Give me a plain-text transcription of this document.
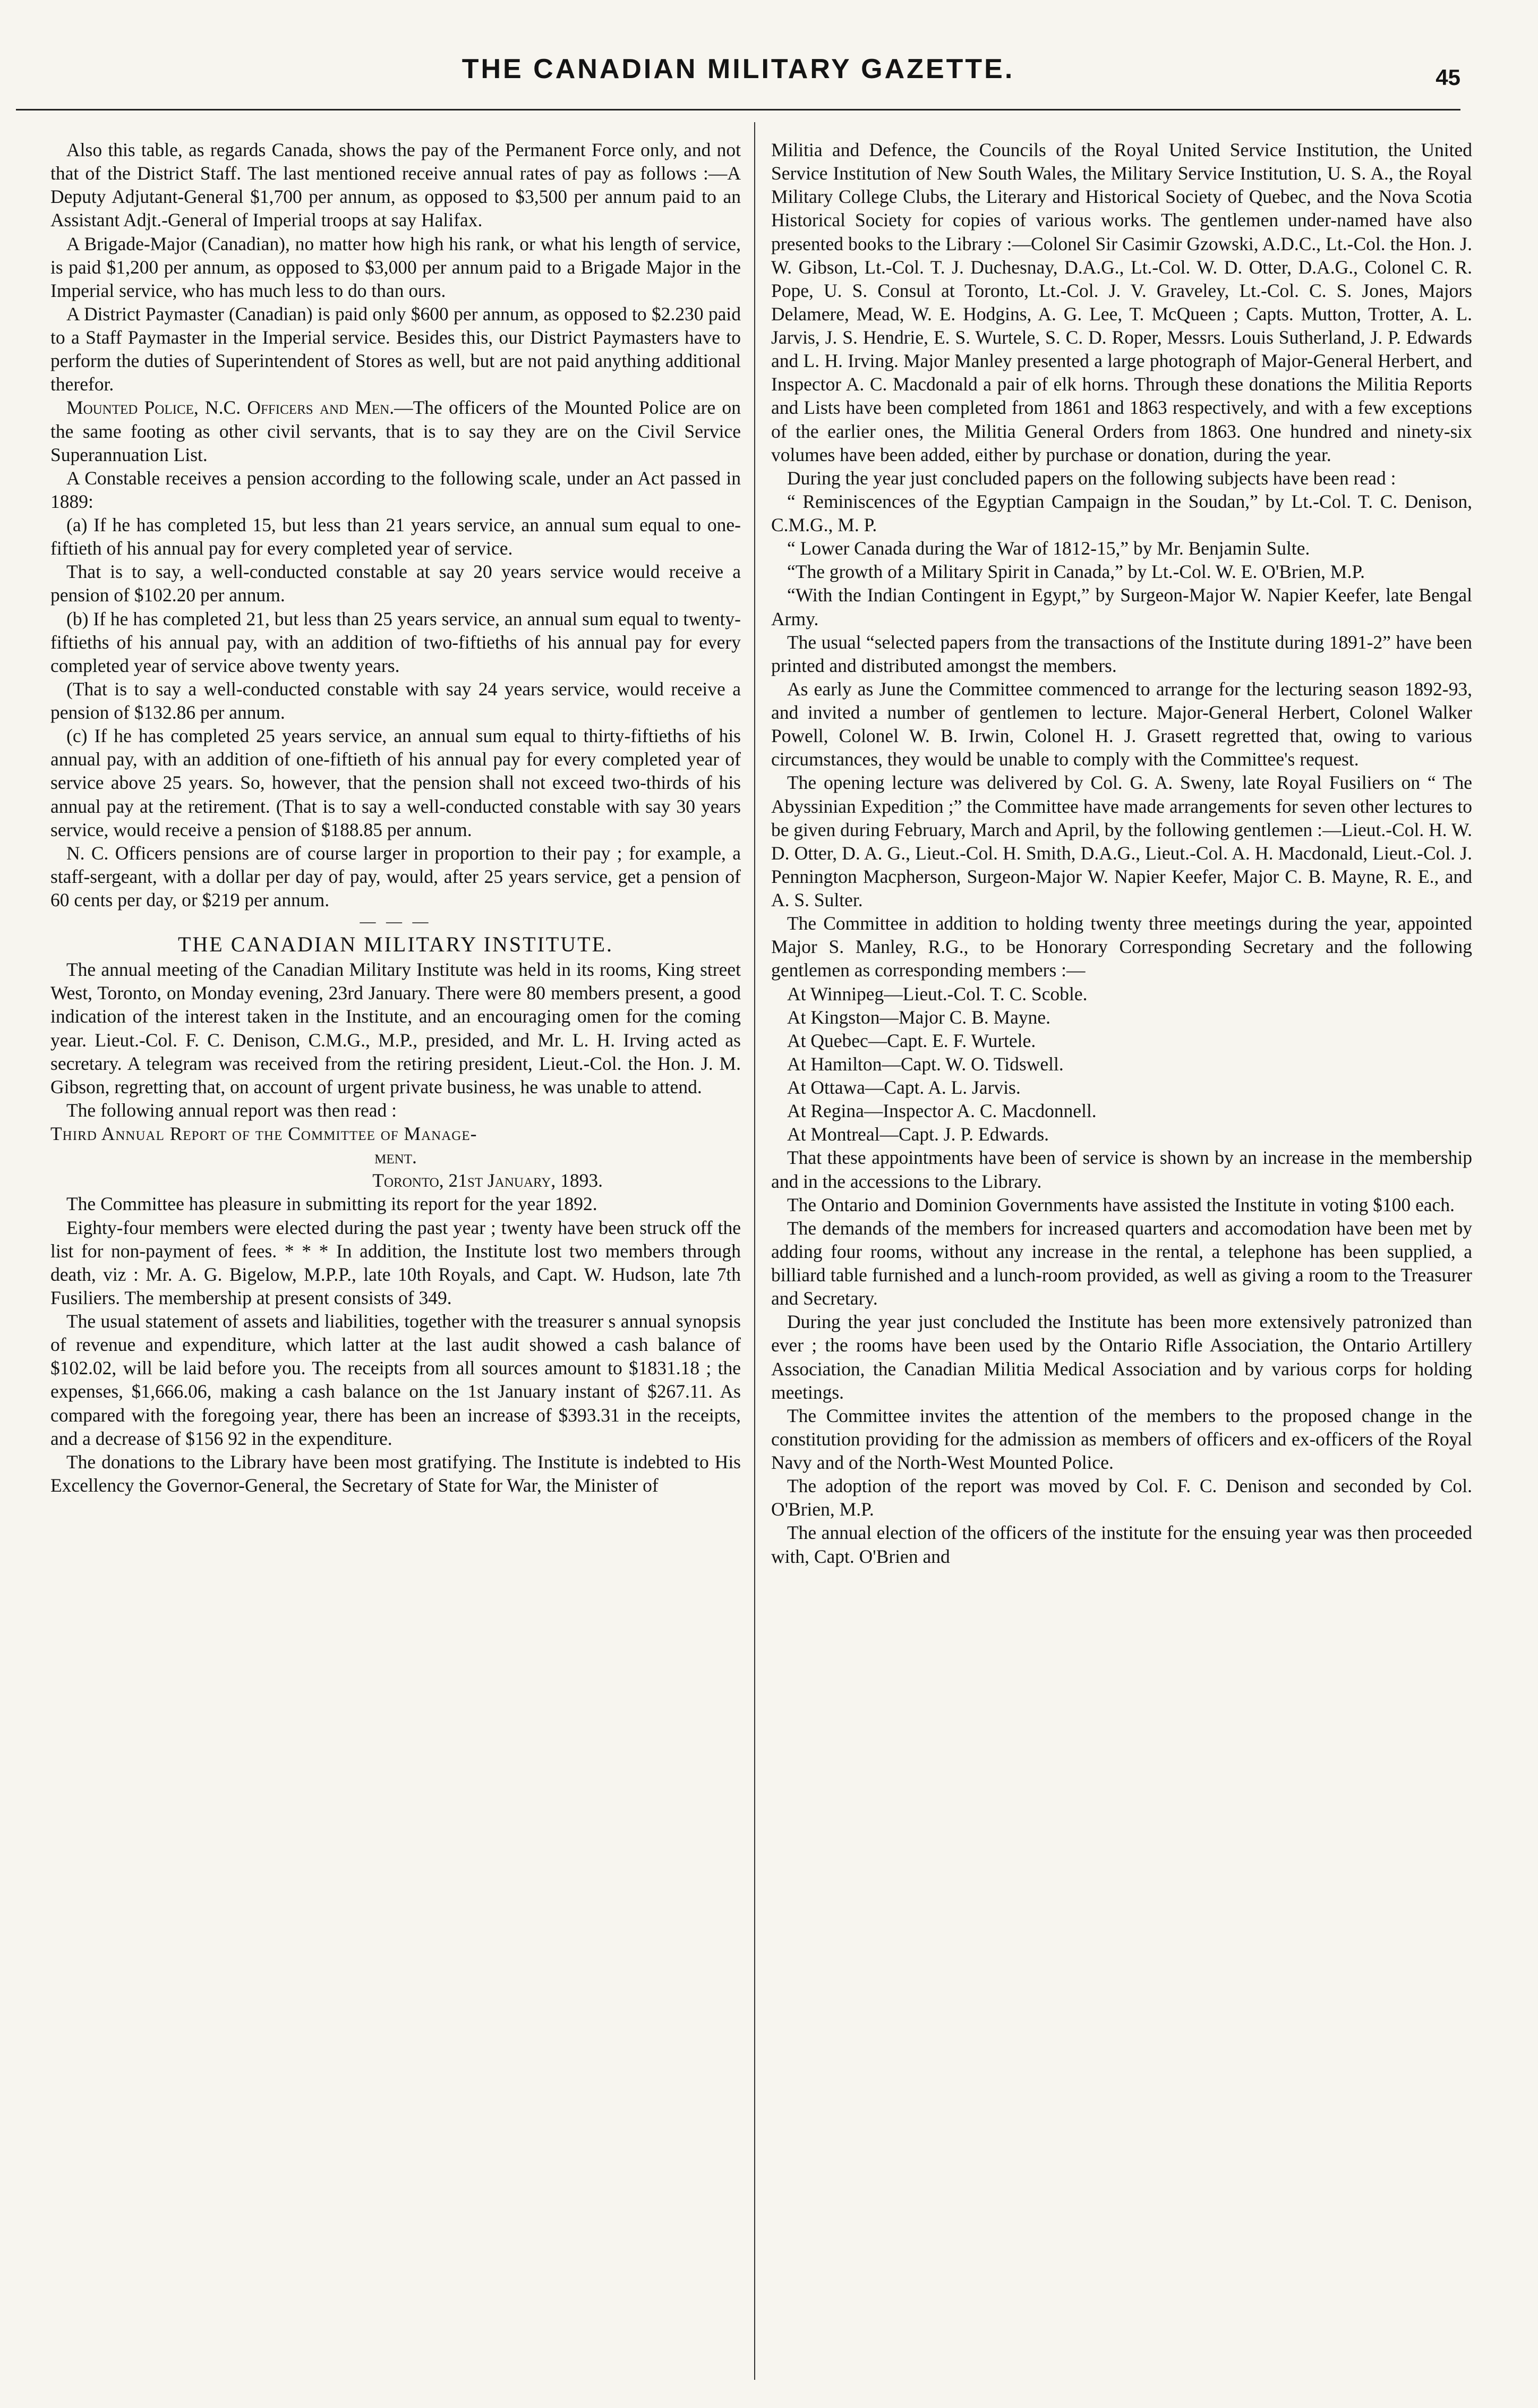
THE CANADIAN MILITARY GAZETTE.	45

Also this table, as regards Canada, shows the pay of the Permanent Force only, and not that of the District Staff. The last mentioned receive annual rates of pay as follows :—A Deputy Adjutant-General $1,700 per annum, as opposed to $3,500 per annum paid to an Assistant Adjt.-General of Imperial troops at say Halifax.

A Brigade-Major (Canadian), no matter how high his rank, or what his length of service, is paid $1,200 per annum, as opposed to $3,000 per annum paid to a Brigade Major in the Imperial service, who has much less to do than ours.

A District Paymaster (Canadian) is paid only $600 per annum, as opposed to $2.230 paid to a Staff Paymaster in the Imperial service. Besides this, our District Paymasters have to perform the duties of Superintendent of Stores as well, but are not paid anything additional therefor.

Mounted Police, N.C. Officers and Men.—The officers of the Mounted Police are on the same footing as other civil servants, that is to say they are on the Civil Service Superannuation List.

A Constable receives a pension according to the following scale, under an Act passed in 1889:

(a) If he has completed 15, but less than 21 years service, an annual sum equal to one-fiftieth of his annual pay for every completed year of service.

That is to say, a well-conducted constable at say 20 years service would receive a pension of $102.20 per annum.

(b) If he has completed 21, but less than 25 years service, an annual sum equal to twenty-fiftieths of his annual pay, with an addition of two-fiftieths of his annual pay for every completed year of service above twenty years.

(That is to say a well-conducted constable with say 24 years service, would receive a pension of $132.86 per annum.

(c) If he has completed 25 years service, an annual sum equal to thirty-fiftieths of his annual pay, with an addition of one-fiftieth of his annual pay for every completed year of service above 25 years. So, however, that the pension shall not exceed two-thirds of his annual pay at the retirement. (That is to say a well-conducted constable with say 30 years service, would receive a pension of $188.85 per annum.

N. C. Officers pensions are of course larger in proportion to their pay ; for example, a staff-sergeant, with a dollar per day of pay, would, after 25 years service, get a pension of 60 cents per day, or $219 per annum.

— — —

THE CANADIAN MILITARY INSTITUTE.

The annual meeting of the Canadian Military Institute was held in its rooms, King street West, Toronto, on Monday evening, 23rd January. There were 80 members present, a good indication of the interest taken in the Institute, and an encouraging omen for the coming year. Lieut.-Col. F. C. Denison, C.M.G., M.P., presided, and Mr. L. H. Irving acted as secretary. A telegram was received from the retiring president, Lieut.-Col. the Hon. J. M. Gibson, regretting that, on account of urgent private business, he was unable to attend.

The following annual report was then read :

Third Annual Report of the Committee of Manage-

ment.

Toronto, 21st January, 1893.

The Committee has pleasure in submitting its report for the year 1892.

Eighty-four members were elected during the past year ; twenty have been struck off the list for non-payment of fees. * * * In addition, the Institute lost two members through death, viz : Mr. A. G. Bigelow, M.P.P., late 10th Royals, and Capt. W. Hudson, late 7th Fusiliers. The membership at present consists of 349.

The usual statement of assets and liabilities, together with the treasurer s annual synopsis of revenue and expenditure, which latter at the last audit showed a cash balance of $102.02, will be laid before you. The receipts from all sources amount to $1831.18 ; the expenses, $1,666.06, making a cash balance on the 1st January instant of $267.11. As compared with the foregoing year, there has been an increase of $393.31 in the receipts, and a decrease of $156 92 in the expenditure.

The donations to the Library have been most gratifying. The Institute is indebted to His Excellency the Governor-General, the Secretary of State for War, the Minister of

Militia and Defence, the Councils of the Royal United Service Institution, the United Service Institution of New South Wales, the Military Service Institution, U. S. A., the Royal Military College Clubs, the Literary and Historical Society of Quebec, and the Nova Scotia Historical Society for copies of various works. The gentlemen under-named have also presented books to the Library :—Colonel Sir Casimir Gzowski, A.D.C., Lt.-Col. the Hon. J. W. Gibson, Lt.-Col. T. J. Duchesnay, D.A.G., Lt.-Col. W. D. Otter, D.A.G., Colonel C. R. Pope, U. S. Consul at Toronto, Lt.-Col. J. V. Graveley, Lt.-Col. C. S. Jones, Majors Delamere, Mead, W. E. Hodgins, A. G. Lee, T. McQueen ; Capts. Mutton, Trotter, A. L. Jarvis, J. S. Hendrie, E. S. Wurtele, S. C. D. Roper, Messrs. Louis Sutherland, J. P. Edwards and L. H. Irving. Major Manley presented a large photograph of Major-General Herbert, and Inspector A. C. Macdonald a pair of elk horns. Through these donations the Militia Reports and Lists have been completed from 1861 and 1863 respectively, and with a few exceptions of the earlier ones, the Militia General Orders from 1863. One hundred and ninety-six volumes have been added, either by purchase or donation, during the year.

During the year just concluded papers on the following subjects have been read :

“ Reminiscences of the Egyptian Campaign in the Soudan,” by Lt.-Col. T. C. Denison, C.M.G., M. P.

“ Lower Canada during the War of 1812-15,” by Mr. Benjamin Sulte.

“The growth of a Military Spirit in Canada,” by Lt.-Col. W. E. O'Brien, M.P.

“With the Indian Contingent in Egypt,” by Surgeon-Major W. Napier Keefer, late Bengal Army.

The usual “selected papers from the transactions of the Institute during 1891-2” have been printed and distributed amongst the members.

As early as June the Committee commenced to arrange for the lecturing season 1892-93, and invited a number of gentlemen to lecture. Major-General Herbert, Colonel Walker Powell, Colonel W. B. Irwin, Colonel H. J. Grasett regretted that, owing to various circumstances, they would be unable to comply with the Committee's request.

The opening lecture was delivered by Col. G. A. Sweny, late Royal Fusiliers on “ The Abyssinian Expedition ;” the Committee have made arrangements for seven other lectures to be given during February, March and April, by the following gentlemen :—Lieut.-Col. H. W. D. Otter, D. A. G., Lieut.-Col. H. Smith, D.A.G., Lieut.-Col. A. H. Macdonald, Lieut.-Col. J. Pennington Macpherson, Surgeon-Major W. Napier Keefer, Major C. B. Mayne, R. E., and A. S. Sulter.

The Committee in addition to holding twenty three meetings during the year, appointed Major S. Manley, R.G., to be Honorary Corresponding Secretary and the following gentlemen as corresponding members :—

At Winnipeg—Lieut.-Col. T. C. Scoble.

At Kingston—Major C. B. Mayne.

At Quebec—Capt. E. F. Wurtele.

At Hamilton—Capt. W. O. Tidswell.

At Ottawa—Capt. A. L. Jarvis.

At Regina—Inspector A. C. Macdonnell.

At Montreal—Capt. J. P. Edwards.

That these appointments have been of service is shown by an increase in the membership and in the accessions to the Library.

The Ontario and Dominion Governments have assisted the Institute in voting $100 each.

The demands of the members for increased quarters and accomodation have been met by adding four rooms, without any increase in the rental, a telephone has been supplied, a billiard table furnished and a lunch-room provided, as well as giving a room to the Treasurer and Secretary.

During the year just concluded the Institute has been more extensively patronized than ever ; the rooms have been used by the Ontario Rifle Association, the Ontario Artillery Association, the Canadian Militia Medical Association and by various corps for holding meetings.

The Committee invites the attention of the members to the proposed change in the constitution providing for the admission as members of officers and ex-officers of the Royal Navy and of the North-West Mounted Police.

The adoption of the report was moved by Col. F. C. Denison and seconded by Col. O'Brien, M.P.

The annual election of the officers of the institute for the ensuing year was then proceeded with, Capt. O'Brien and
